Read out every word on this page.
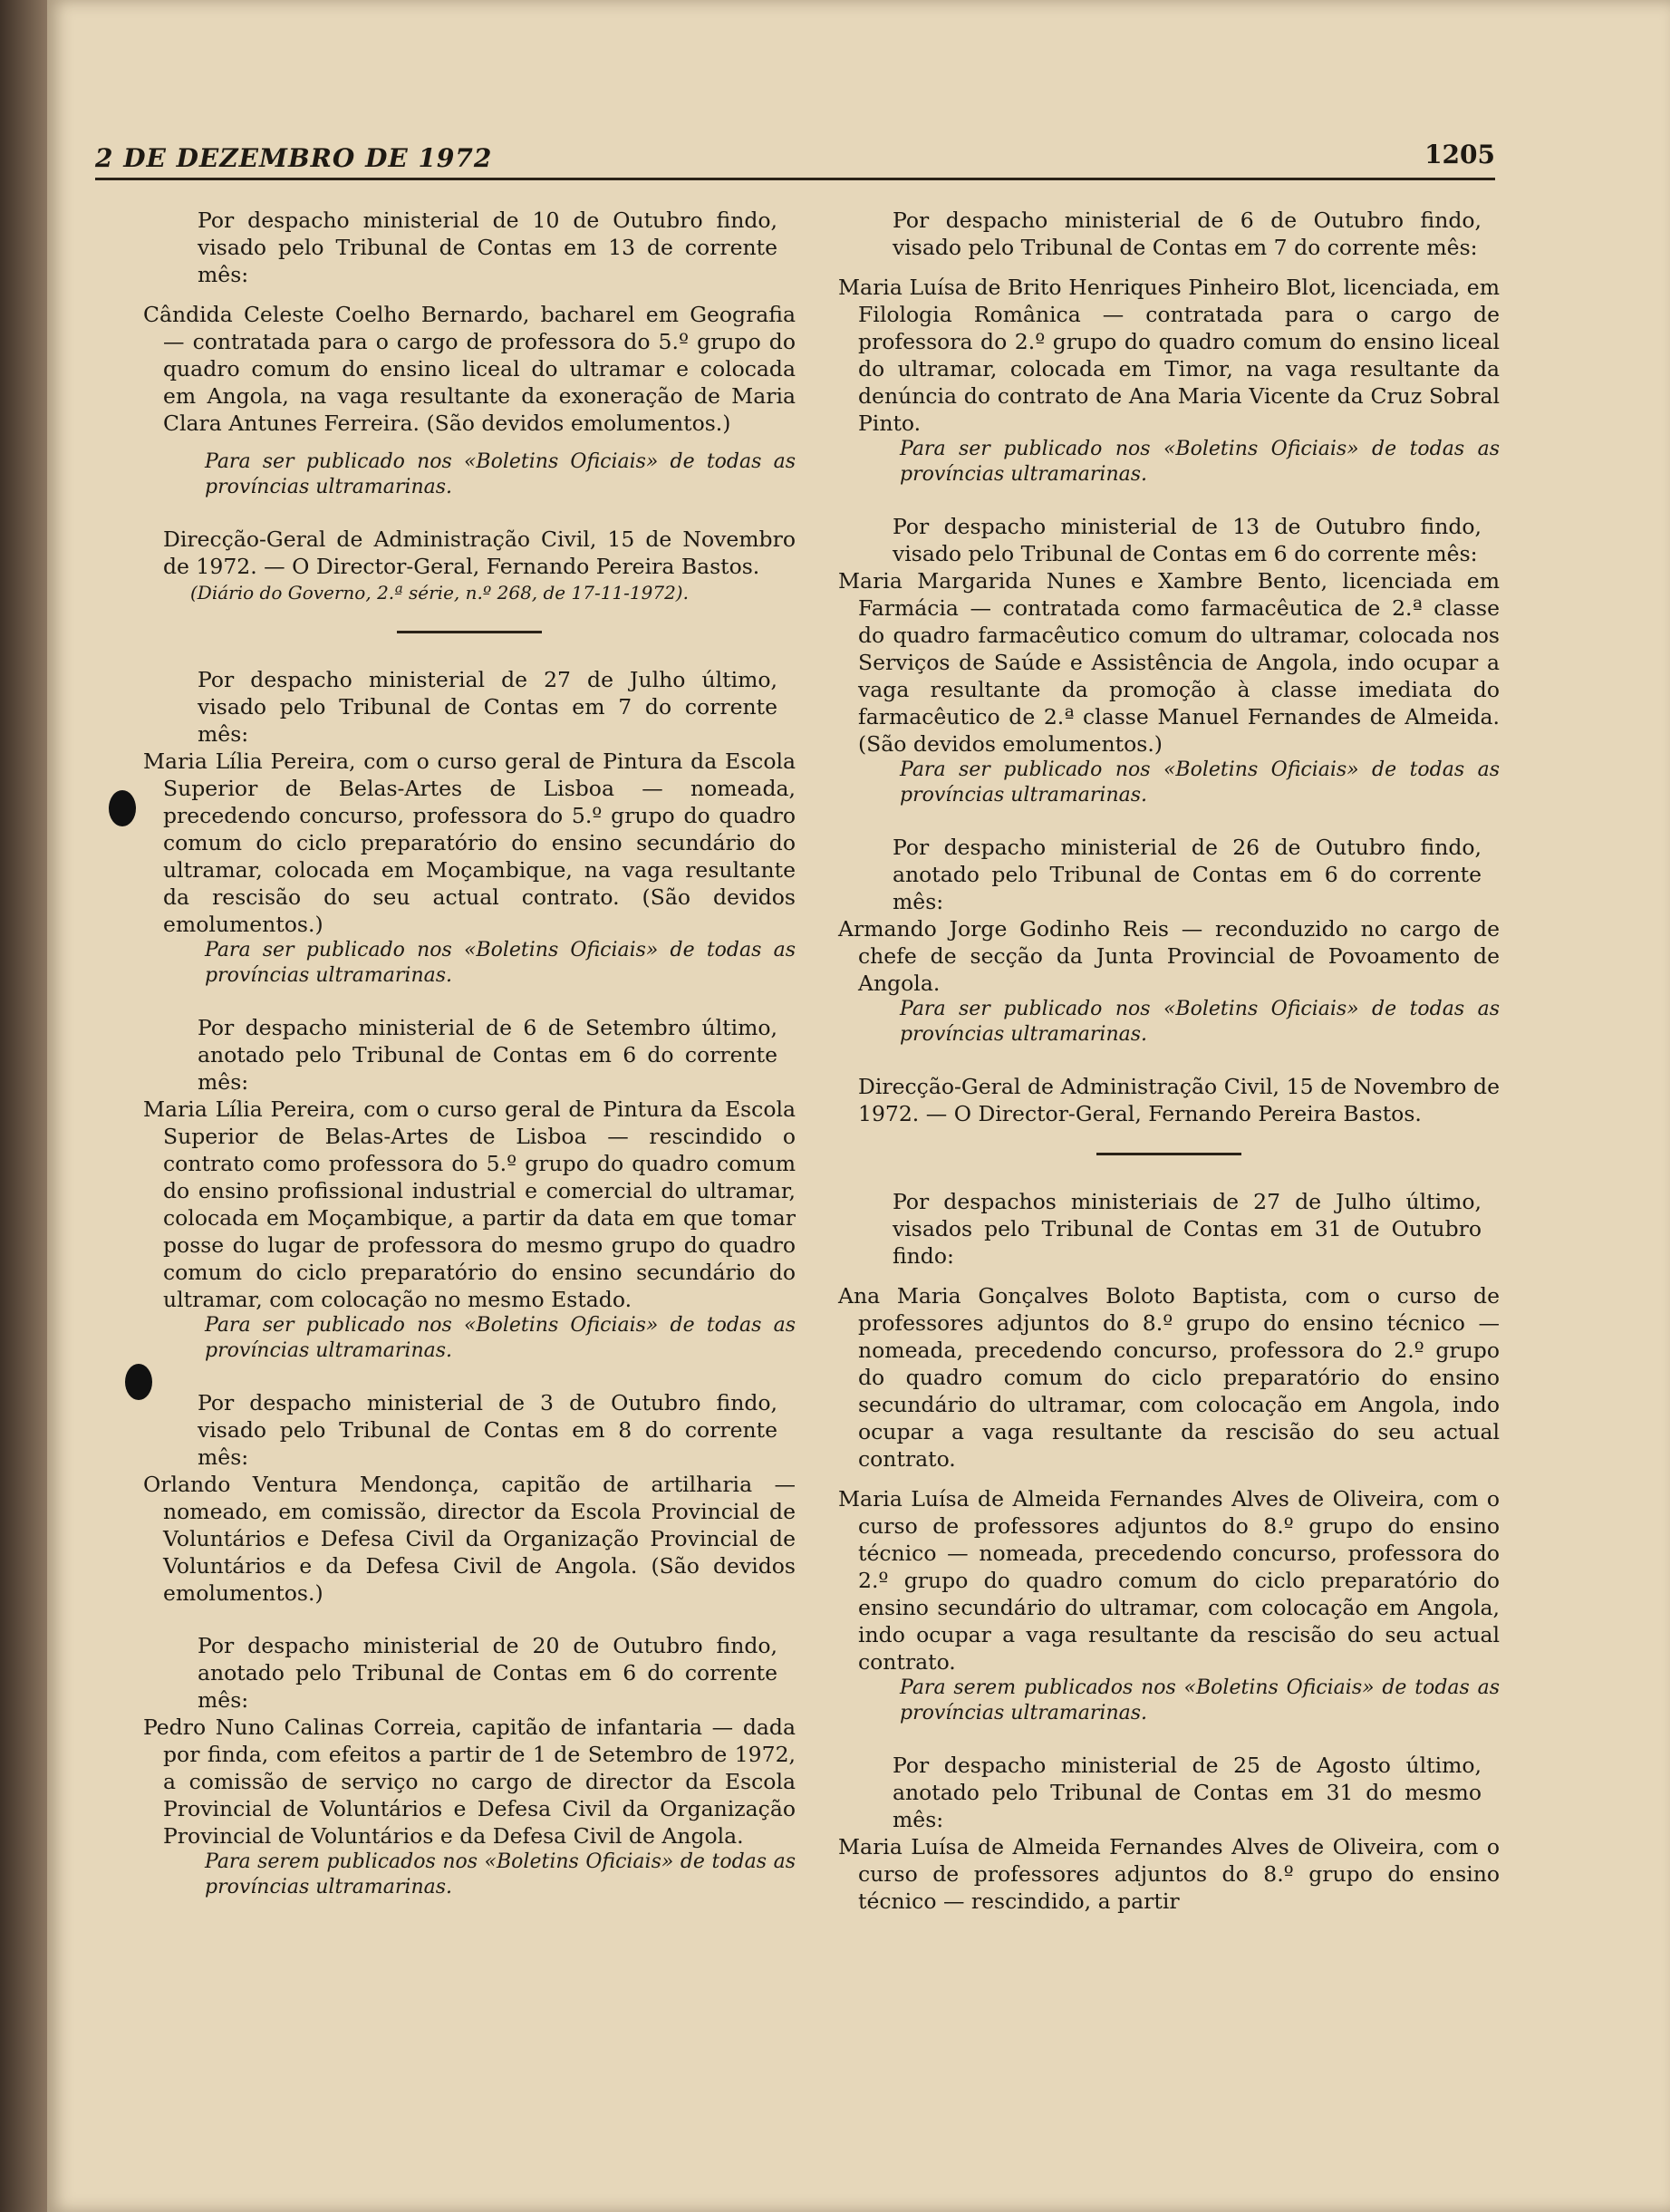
2 DE DEZEMBRO DE 1972	1205

Por despacho ministerial de 10 de Outubro findo, visado pelo Tribunal de Contas em 13 de corrente mês:

Cândida Celeste Coelho Bernardo, bacharel em Geografia — contratada para o cargo de professora do 5.º grupo do quadro comum do ensino liceal do ultramar e colocada em Angola, na vaga resultante da exoneração de Maria Clara Antunes Ferreira. (São devidos emolumentos.)

Para ser publicado nos «Boletins Oficiais» de todas as províncias ultramarinas.

Direcção-Geral de Administração Civil, 15 de Novembro de 1972. — O Director-Geral, Fernando Pereira Bastos.

(Diário do Governo, 2.ª série, n.º 268, de 17-11-1972).

Por despacho ministerial de 27 de Julho último, visado pelo Tribunal de Contas em 7 do corrente mês:

Maria Lília Pereira, com o curso geral de Pintura da Escola Superior de Belas-Artes de Lisboa — nomeada, precedendo concurso, professora do 5.º grupo do quadro comum do ciclo preparatório do ensino secundário do ultramar, colocada em Moçambique, na vaga resultante da rescisão do seu actual contrato. (São devidos emolumentos.)

Para ser publicado nos «Boletins Oficiais» de todas as províncias ultramarinas.

Por despacho ministerial de 6 de Setembro último, anotado pelo Tribunal de Contas em 6 do corrente mês:

Maria Lília Pereira, com o curso geral de Pintura da Escola Superior de Belas-Artes de Lisboa — rescindido o contrato como professora do 5.º grupo do quadro comum do ensino profissional industrial e comercial do ultramar, colocada em Moçambique, a partir da data em que tomar posse do lugar de professora do mesmo grupo do quadro comum do ciclo preparatório do ensino secundário do ultramar, com colocação no mesmo Estado.

Para ser publicado nos «Boletins Oficiais» de todas as províncias ultramarinas.

Por despacho ministerial de 3 de Outubro findo, visado pelo Tribunal de Contas em 8 do corrente mês:

Orlando Ventura Mendonça, capitão de artilharia — nomeado, em comissão, director da Escola Provincial de Voluntários e Defesa Civil da Organização Provincial de Voluntários e da Defesa Civil de Angola. (São devidos emolumentos.)

Por despacho ministerial de 20 de Outubro findo, anotado pelo Tribunal de Contas em 6 do corrente mês:

Pedro Nuno Calinas Correia, capitão de infantaria — dada por finda, com efeitos a partir de 1 de Setembro de 1972, a comissão de serviço no cargo de director da Escola Provincial de Voluntários e Defesa Civil da Organização Provincial de Voluntários e da Defesa Civil de Angola.

Para serem publicados nos «Boletins Oficiais» de todas as províncias ultramarinas.

Por despacho ministerial de 6 de Outubro findo, visado pelo Tribunal de Contas em 7 do corrente mês:

Maria Luísa de Brito Henriques Pinheiro Blot, licenciada, em Filologia Românica — contratada para o cargo de professora do 2.º grupo do quadro comum do ensino liceal do ultramar, colocada em Timor, na vaga resultante da denúncia do contrato de Ana Maria Vicente da Cruz Sobral Pinto.

Para ser publicado nos «Boletins Oficiais» de todas as províncias ultramarinas.

Por despacho ministerial de 13 de Outubro findo, visado pelo Tribunal de Contas em 6 do corrente mês:

Maria Margarida Nunes e Xambre Bento, licenciada em Farmácia — contratada como farmacêutica de 2.ª classe do quadro farmacêutico comum do ultramar, colocada nos Serviços de Saúde e Assistência de Angola, indo ocupar a vaga resultante da promoção à classe imediata do farmacêutico de 2.ª classe Manuel Fernandes de Almeida. (São devidos emolumentos.)

Para ser publicado nos «Boletins Oficiais» de todas as províncias ultramarinas.

Por despacho ministerial de 26 de Outubro findo, anotado pelo Tribunal de Contas em 6 do corrente mês:

Armando Jorge Godinho Reis — reconduzido no cargo de chefe de secção da Junta Provincial de Povoamento de Angola.

Para ser publicado nos «Boletins Oficiais» de todas as províncias ultramarinas.

Direcção-Geral de Administração Civil, 15 de Novembro de 1972. — O Director-Geral, Fernando Pereira Bastos.

Por despachos ministeriais de 27 de Julho último, visados pelo Tribunal de Contas em 31 de Outubro findo:

Ana Maria Gonçalves Boloto Baptista, com o curso de professores adjuntos do 8.º grupo do ensino técnico — nomeada, precedendo concurso, professora do 2.º grupo do quadro comum do ciclo preparatório do ensino secundário do ultramar, com colocação em Angola, indo ocupar a vaga resultante da rescisão do seu actual contrato.

Maria Luísa de Almeida Fernandes Alves de Oliveira, com o curso de professores adjuntos do 8.º grupo do ensino técnico — nomeada, precedendo concurso, professora do 2.º grupo do quadro comum do ciclo preparatório do ensino secundário do ultramar, com colocação em Angola, indo ocupar a vaga resultante da rescisão do seu actual contrato.

Para serem publicados nos «Boletins Oficiais» de todas as províncias ultramarinas.

Por despacho ministerial de 25 de Agosto último, anotado pelo Tribunal de Contas em 31 do mesmo mês:

Maria Luísa de Almeida Fernandes Alves de Oliveira, com o curso de professores adjuntos do 8.º grupo do ensino técnico — rescindido, a partir
